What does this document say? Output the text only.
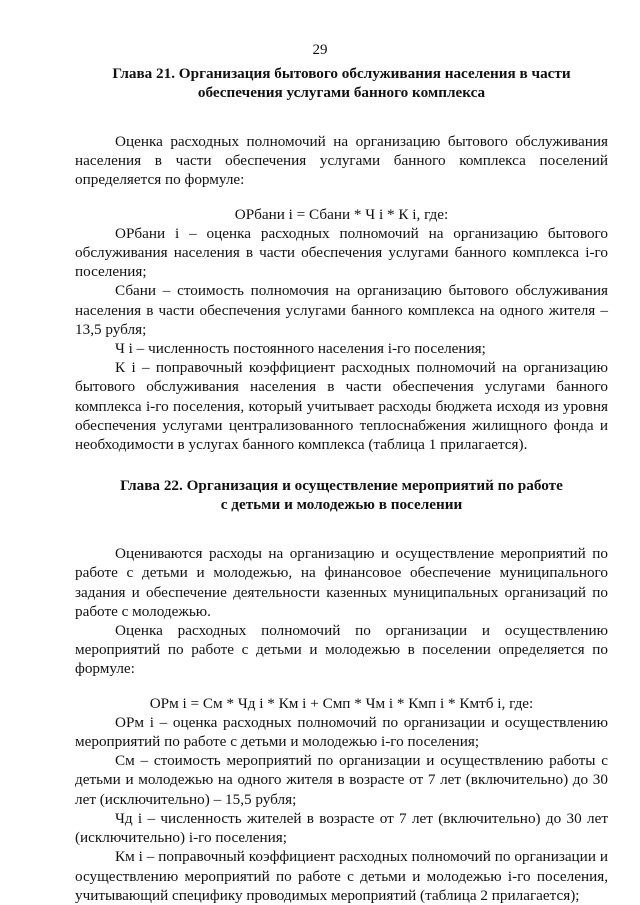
29
Глава 21. Организация бытового обслуживания населения в части
обеспечения услугами банного комплекса

Оценка расходных полномочий на организацию бытового обслуживания населения в части обеспечения услугами банного комплекса поселений определяется по формуле:

ОРбани i = Сбани * Ч i * К i, где:

ОРбани i – оценка расходных полномочий на организацию бытового обслуживания населения в части обеспечения услугами банного комплекса i-го поселения;

Сбани – стоимость полномочия на организацию бытового обслуживания населения в части обеспечения услугами банного комплекса на одного жителя – 13,5 рубля;

Ч i – численность постоянного населения i-го поселения;

К i – поправочный коэффициент расходных полномочий на организацию бытового обслуживания населения в части обеспечения услугами банного комплекса i-го поселения, который учитывает расходы бюджета исходя из уровня обеспечения услугами централизованного теплоснабжения жилищного фонда и необходимости в услугах банного комплекса (таблица 1 прилагается).

Глава 22. Организация и осуществление мероприятий по работе
с детьми и молодежью в поселении

Оцениваются расходы на организацию и осуществление мероприятий по работе с детьми и молодежью, на финансовое обеспечение муниципального задания и обеспечение деятельности казенных муниципальных организаций по работе с молодежью.

Оценка расходных полномочий по организации и осуществлению мероприятий по работе с детьми и молодежью в поселении определяется по формуле:

ОРм i = См * Чд i * Км i + Смп * Чм i * Кмп i * Кмтб i, где:

ОРм i – оценка расходных полномочий по организации и осуществлению мероприятий по работе с детьми и молодежью i-го поселения;

См – стоимость мероприятий по организации и осуществлению работы с детьми и молодежью на одного жителя в возрасте от 7 лет (включительно) до 30 лет (исключительно) – 15,5 рубля;

Чд i – численность жителей в возрасте от 7 лет (включительно) до 30 лет (исключительно) i-го поселения;

Км i – поправочный коэффициент расходных полномочий по организации и осуществлению мероприятий по работе с детьми и молодежью i-го поселения, учитывающий специфику проводимых мероприятий (таблица 2 прилагается);
